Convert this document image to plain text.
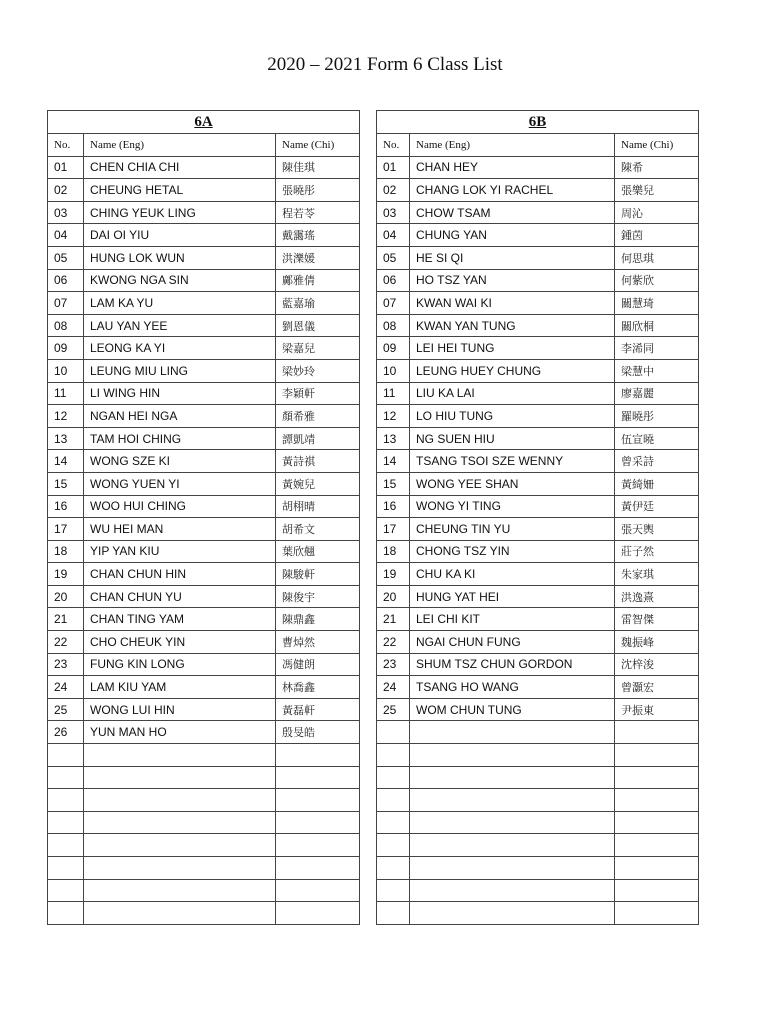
2020 – 2021 Form 6 Class List
6A		
No.	Name (Eng)	Name (Chi)
01	CHEN CHIA CHI	陳佳琪
02	CHEUNG HETAL	張曉彤
03	CHING YEUK LING	程若苓
04	DAI OI YIU	戴靄瑤
05	HUNG LOK WUN	洪濼媛
06	KWONG NGA SIN	鄺雅倩
07	LAM KA YU	藍嘉瑜
08	LAU YAN YEE	劉恩儀
09	LEONG KA YI	梁嘉兒
10	LEUNG MIU LING	梁妙玲
11	LI WING HIN	李穎軒
12	NGAN HEI NGA	顏希雅
13	TAM HOI CHING	譚凱靖
14	WONG SZE KI	黃詩祺
15	WONG YUEN YI	黃婉兒
16	WOO HUI CHING	胡栩晴
17	WU HEI MAN	胡希文
18	YIP YAN KIU	葉欣翹
19	CHAN CHUN HIN	陳駿軒
20	CHAN CHUN YU	陳俊宇
21	CHAN TING YAM	陳鼎鑫
22	CHO CHEUK YIN	曹焯然
23	FUNG KIN LONG	馮健朗
24	LAM KIU YAM	林喬鑫
25	WONG LUI HIN	黃磊軒
26	YUN MAN HO	殷旻皓

6B		
No.	Name (Eng)	Name (Chi)
01	CHAN HEY	陳希
02	CHANG LOK YI RACHEL	張樂兒
03	CHOW TSAM	周沁
04	CHUNG YAN	鍾茵
05	HE SI QI	何思琪
06	HO TSZ YAN	何紫欣
07	KWAN WAI KI	關慧琦
08	KWAN YAN TUNG	關欣桐
09	LEI HEI TUNG	李浠同
10	LEUNG HUEY CHUNG	梁慧中
11	LIU KA LAI	廖嘉麗
12	LO HIU TUNG	羅曉彤
13	NG SUEN HIU	伍宣曉
14	TSANG TSOI SZE WENNY	曾采詩
15	WONG YEE SHAN	黃綺姍
16	WONG YI TING	黃伊廷
17	CHEUNG TIN YU	張天輿
18	CHONG TSZ YIN	莊子然
19	CHU KA KI	朱家琪
20	HUNG YAT HEI	洪逸熹
21	LEI CHI KIT	雷智傑
22	NGAI CHUN FUNG	魏振峰
23	SHUM TSZ CHUN GORDON	沈梓浚
24	TSANG HO WANG	曾灝宏
25	WOM CHUN TUNG	尹振東
